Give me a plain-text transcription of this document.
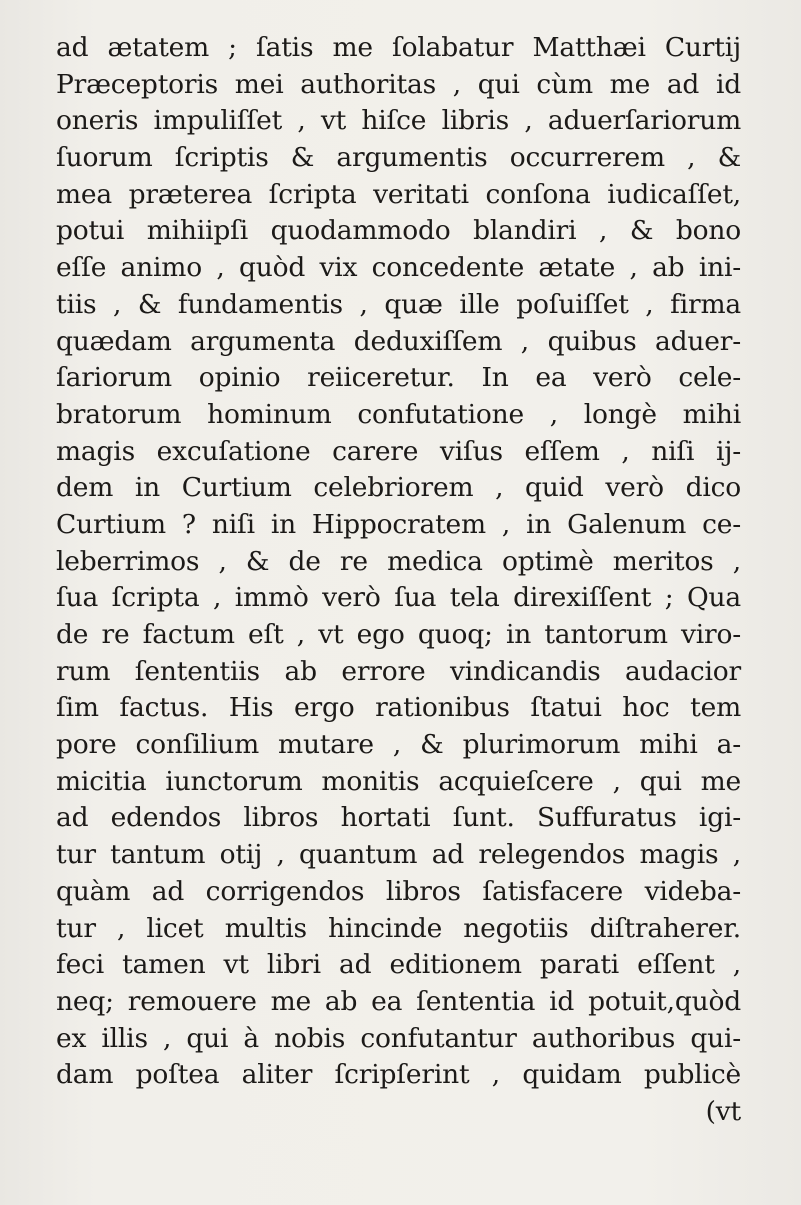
ad ætatem ; ſatis me ſolabatur Matthæi Curtij
Præceptoris mei authoritas , qui cùm me ad id
oneris impuliſſet , vt hiſce libris , aduerſariorum
ſuorum ſcriptis & argumentis occurrerem , &
mea præterea ſcripta veritati conſona iudicaſſet,
potui mihiipſi quodammodo blandiri , & bono
eſſe animo , quòd vix concedente ætate , ab ini-
tiis , & fundamentis , quæ ille poſuiſſet , firma
quædam argumenta deduxiſſem , quibus aduer-
ſariorum opinio reiiceretur. In ea verò cele-
bratorum hominum confutatione , longè mihi
magis excuſatione carere viſus eſſem , niſi ij-
dem in Curtium celebriorem , quid verò dico
Curtium ? niſi in Hippocratem , in Galenum ce-
leberrimos , & de re medica optimè meritos ,
ſua ſcripta , immò verò ſua tela direxiſſent ; Qua
de re factum eſt , vt ego quoq; in tantorum viro-
rum ſententiis ab errore vindicandis audacior
ſim factus. His ergo rationibus ſtatui hoc tem
pore conſilium mutare , & plurimorum mihi a-
micitia iunctorum monitis acquieſcere , qui me
ad edendos libros hortati ſunt. Suffuratus igi-
tur tantum otij , quantum ad relegendos magis ,
quàm ad corrigendos libros ſatisfacere videba-
tur , licet multis hincinde negotiis diſtraherer.
feci tamen vt libri ad editionem parati eſſent ,
neq; remouere me ab ea ſententia id potuit,quòd
ex illis , qui à nobis confutantur authoribus qui-
dam poſtea aliter ſcripſerint , quidam publicè
(vt
